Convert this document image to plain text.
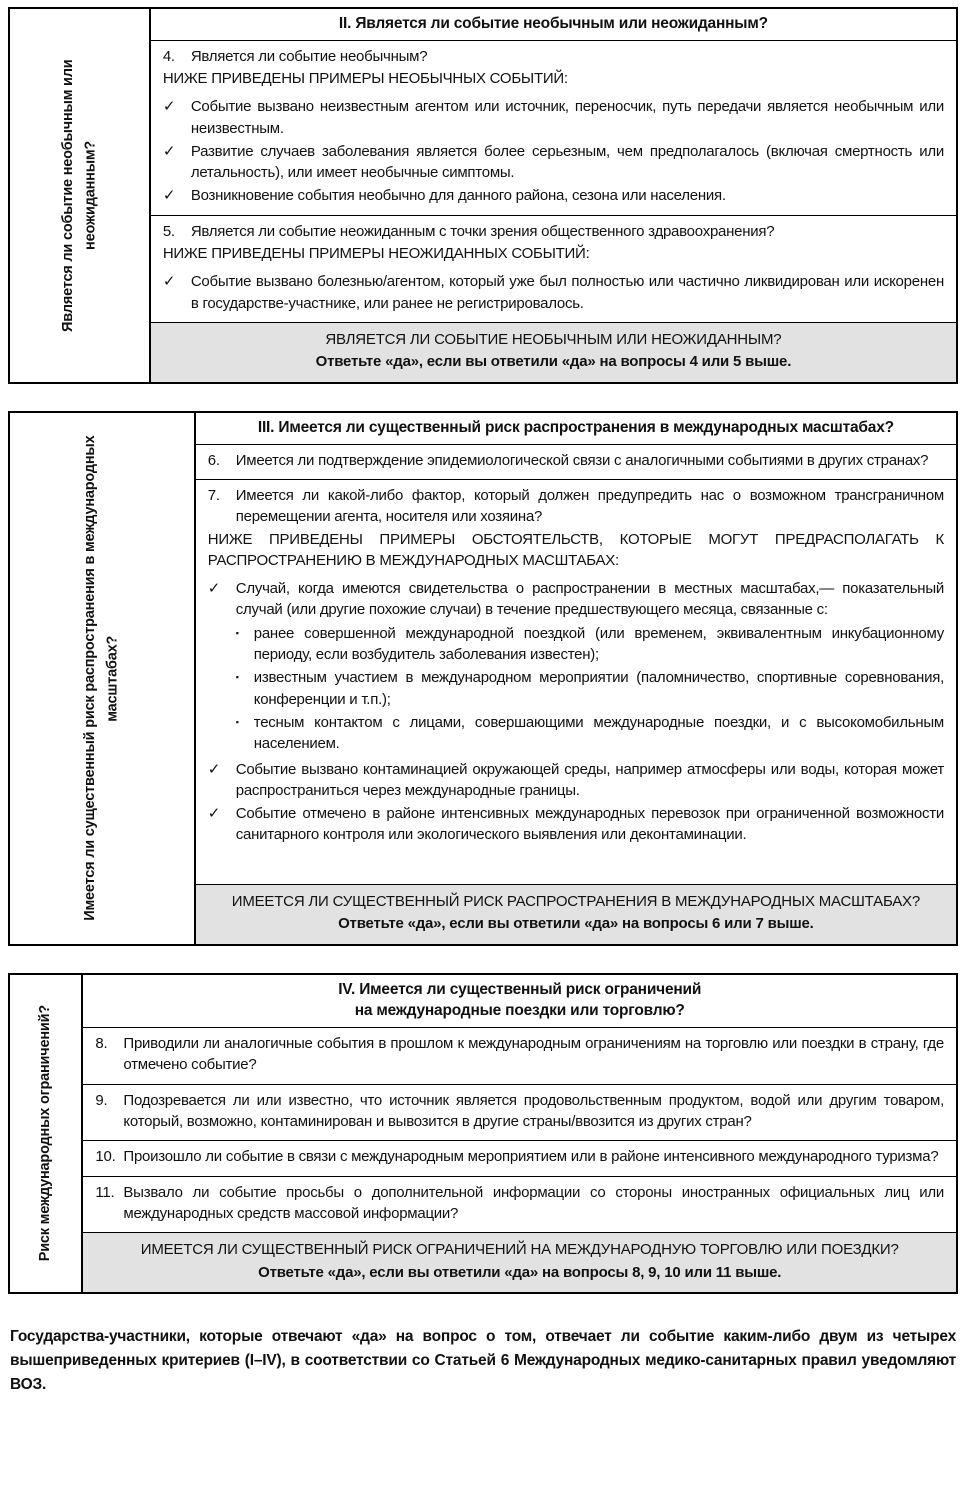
Является ли событие необычным или неожиданным?
II. Является ли событие необычным или неожиданным?
4.	Является ли событие необычным?
НИЖЕ ПРИВЕДЕНЫ ПРИМЕРЫ НЕОБЫЧНЫХ СОБЫТИЙ:
✓	Событие вызвано неизвестным агентом или источник, переносчик, путь передачи является необычным или неизвестным.
✓	Развитие случаев заболевания является более серьезным, чем предполагалось (включая смертность или летальность), или имеет необычные симптомы.
✓	Возникновение события необычно для данного района, сезона или населения.
5.	Является ли событие неожиданным с точки зрения общественного здравоохранения?
НИЖЕ ПРИВЕДЕНЫ ПРИМЕРЫ НЕОЖИДАННЫХ СОБЫТИЙ:
✓	Событие вызвано болезнью/агентом, который уже был полностью или частично ликвидирован или искоренен в государстве-участнике, или ранее не регистрировалось.
ЯВЛЯЕТСЯ ЛИ СОБЫТИЕ НЕОБЫЧНЫМ ИЛИ НЕОЖИДАННЫМ?
Ответьте «да», если вы ответили «да» на вопросы 4 или 5 выше.
Имеется ли существенный риск распространения в международных масштабах?
III. Имеется ли существенный риск распространения в международных масштабах?
6.	Имеется ли подтверждение эпидемиологической связи с аналогичными событиями в других странах?
7.	Имеется ли какой-либо фактор, который должен предупредить нас о возможном трансграничном перемещении агента, носителя или хозяина?
НИЖЕ ПРИВЕДЕНЫ ПРИМЕРЫ ОБСТОЯТЕЛЬСТВ, КОТОРЫЕ МОГУТ ПРЕДРАСПОЛАГАТЬ К РАСПРОСТРАНЕНИЮ В МЕЖДУНАРОДНЫХ МАСШТАБАХ:
✓	Случай, когда имеются свидетельства о распространении в местных масштабах,— показательный случай (или другие похожие случаи) в течение предшествующего месяца, связанные с:
▪	ранее совершенной международной поездкой (или временем, эквивалентным инкубационному периоду, если возбудитель заболевания известен);
▪	известным участием в международном мероприятии (паломничество, спортивные соревнования, конференции и т.п.);
▪	тесным контактом с лицами, совершающими международные поездки, и с высокомобильным населением.
✓	Событие вызвано контаминацией окружающей среды, например атмосферы или воды, которая может распространиться через международные границы.
✓	Событие отмечено в районе интенсивных международных перевозок при ограниченной возможности санитарного контроля или экологического выявления или деконтаминации.
ИМЕЕТСЯ ЛИ СУЩЕСТВЕННЫЙ РИСК РАСПРОСТРАНЕНИЯ В МЕЖДУНАРОДНЫХ МАСШТАБАХ?
Ответьте «да», если вы ответили «да» на вопросы 6 или 7 выше.
Риск международных ограничений?
IV. Имеется ли существенный риск ограничений
на международные поездки или торговлю?
8.	Приводили ли аналогичные события в прошлом к международным ограничениям на торговлю или поездки в страну, где отмечено событие?
9.	Подозревается ли или известно, что источник является продовольственным продуктом, водой или другим товаром, который, возможно, контаминирован и вывозится в другие страны/ввозится из других стран?
10. Произошло ли событие в связи с международным мероприятием или в районе интенсивного международного туризма?
11. Вызвало ли событие просьбы о дополнительной информации со стороны иностранных официальных лиц или международных средств массовой информации?
ИМЕЕТСЯ ЛИ СУЩЕСТВЕННЫЙ РИСК ОГРАНИЧЕНИЙ НА МЕЖДУНАРОДНУЮ ТОРГОВЛЮ ИЛИ ПОЕЗДКИ?
Ответьте «да», если вы ответили «да» на вопросы 8, 9, 10 или 11 выше.
Государства-участники, которые отвечают «да» на вопрос о том, отвечает ли событие каким-либо двум из четырех вышеприведенных критериев (I–IV), в соответствии со Статьей 6 Международных медико-санитарных правил уведомляют ВОЗ.
